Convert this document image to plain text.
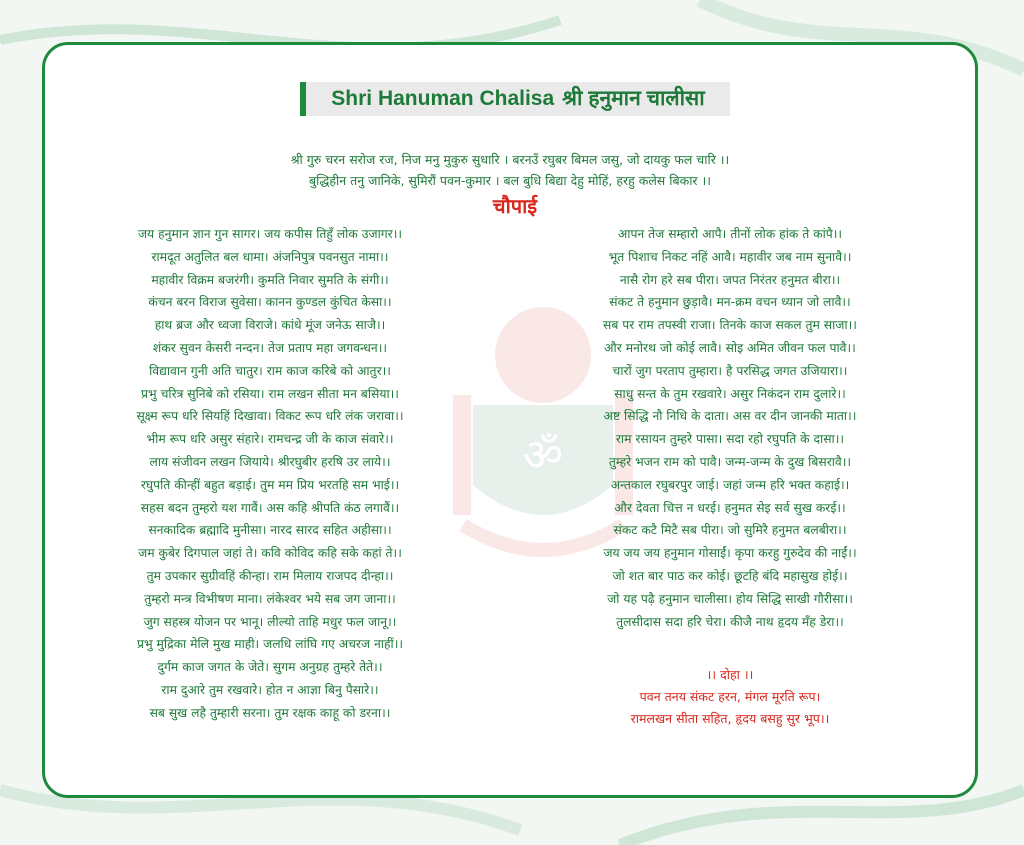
ॐ
Shri Hanuman Chalisa श्री हनुमान चालीसा
श्री गुरु चरन सरोज रज, निज मनु मुकुरु सुधारि । बरनउँ रघुबर बिमल जसु, जो दायकु फल चारि ।।
बुद्धिहीन तनु जानिके, सुमिरौं पवन-कुमार । बल बुधि बिद्या देहु मोहिं, हरहु कलेस बिकार ।।
चौपाई
जय हनुमान ज्ञान गुन सागर। जय कपीस तिहुँ लोक उजागर।।
रामदूत अतुलित बल धामा। अंजनिपुत्र पवनसुत नामा।।
महावीर विक्रम बजरंगी। कुमति निवार सुमति के संगी।।
कंचन बरन विराज सुवेसा। कानन कुण्डल कुंचित केसा।।
हाथ ब्रज और ध्वजा विराजे। कांधे मूंज जनेऊ साजै।।
शंकर सुवन केसरी नन्दन। तेज प्रताप महा जगवन्धन।।
विद्यावान गुनी अति चातुर। राम काज करिबे को आतुर।।
प्रभु चरित्र सुनिबे को रसिया। राम लखन सीता मन बसिया।।
सूक्ष्म रूप धरि सियहिं दिखावा। विकट रूप धरि लंक जरावा।।
भीम रूप धरि असुर संहारे। रामचन्द्र जी के काज संवारे।।
लाय संजीवन लखन जियाये। श्रीरघुबीर हरषि उर लाये।।
रघुपति कीन्हीं बहुत बड़ाई। तुम मम प्रिय भरतहि सम भाई।।
सहस बदन तुम्हरो यश गावैं। अस कहि श्रीपति कंठ लगावैं।।
सनकादिक ब्रह्मादि मुनीसा। नारद सारद सहित अहीसा।।
जम कुबेर दिगपाल जहां ते। कवि कोविद कहि सके कहां ते।।
तुम उपकार सुग्रीवहिं कीन्हा। राम मिलाय राजपद दीन्हा।।
तुम्हरो मन्त्र विभीषण माना। लंकेश्वर भये सब जग जाना।।
जुग सहस्त्र योजन पर भानू। लील्यो ताहि मधुर फल जानू।।
प्रभु मुद्रिका मेलि मुख माही। जलधि लांघि गए अचरज नाहीं।।
दुर्गम काज जगत के जेते। सुगम अनुग्रह तुम्हरे तेते।।
राम दुआरे तुम रखवारे। होत न आज्ञा बिनु पैसारे।।
सब सुख लहै तुम्हारी सरना। तुम रक्षक काहू को डरना।।
आपन तेज सम्हारो आपै। तीनों लोक हांक ते कांपै।।
भूत पिशाच निकट नहिं आवै। महावीर जब नाम सुनावै।।
नासै रोग हरे सब पीरा। जपत निरंतर हनुमत बीरा।।
संकट ते हनुमान छुड़ावै। मन-क्रम वचन ध्यान जो लावै।।
सब पर राम तपस्वी राजा। तिनके काज सकल तुम साजा।।
और मनोरथ जो कोई लावै। सोइ अमित जीवन फल पावै।।
चारों जुग परताप तुम्हारा। है परसिद्ध जगत उजियारा।।
साधु सन्त के तुम रखवारे। असुर निकंदन राम दुलारे।।
अष्ट सिद्धि नौ निधि के दाता। अस वर दीन जानकी माता।।
राम रसायन तुम्हरे पासा। सदा रहो रघुपति के दासा।।
तुम्हरे भजन राम को पावै। जन्म-जन्म के दुख बिसरावै।।
अन्तकाल रघुबरपुर जाई। जहां जन्म हरि भक्त कहाई।।
और देवता चित्त न धरई। हनुमत सेइ सर्व सुख करई।।
संकट कटै मिटै सब पीरा। जो सुमिरै हनुमत बलबीरा।।
जय जय जय हनुमान गोसाईं। कृपा करहु गुरुदेव की नाईं।।
जो शत बार पाठ कर कोई। छूटहि बंदि महासुख होई।।
जो यह पढ़ै हनुमान चालीसा। होय सिद्धि साखी गौरीसा।।
तुलसीदास सदा हरि चेरा। कीजै नाथ हृदय मँह डेरा।।
।। दोहा ।।
पवन तनय संकट हरन, मंगल मूरति रूप।
रामलखन सीता सहित, हृदय बसहु सुर भूप।।
